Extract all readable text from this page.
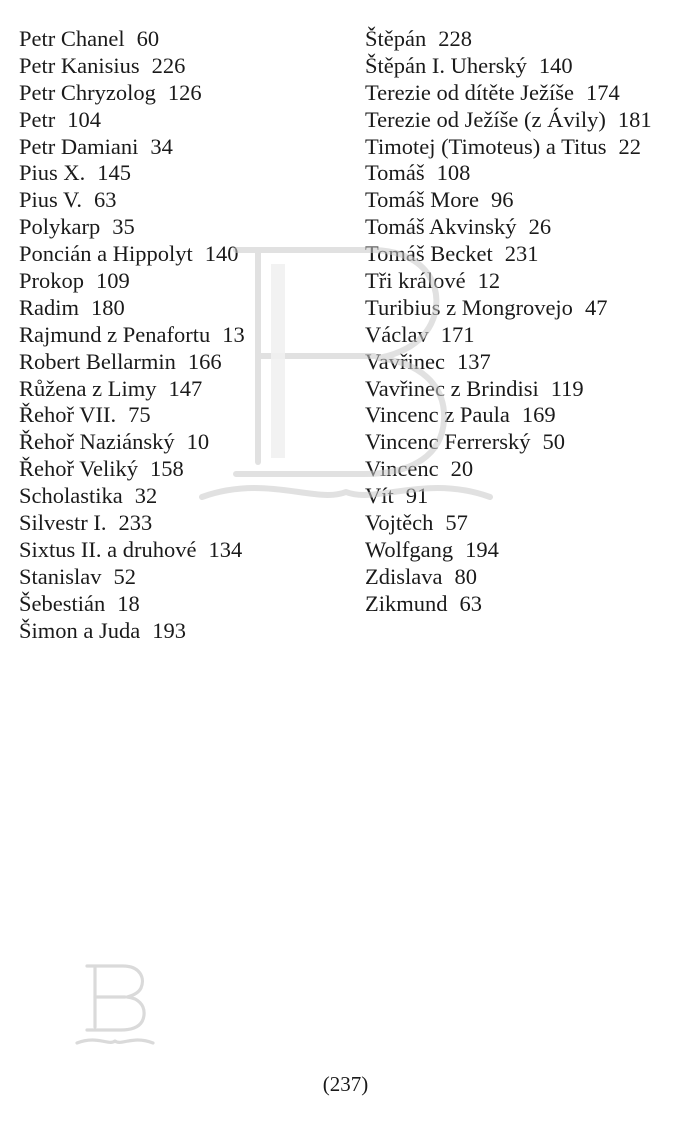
Petr Chanel 60
Petr Kanisius 226
Petr Chryzolog 126
Petr 104
Petr Damiani 34
Pius X. 145
Pius V. 63
Polykarp 35
Poncián a Hippolyt 140
Prokop 109
Radim 180
Rajmund z Penafortu 13
Robert Bellarmin 166
Růžena z Limy 147
Řehoř VII. 75
Řehoř Naziánský 10
Řehoř Veliký 158
Scholastika 32
Silvestr I. 233
Sixtus II. a druhové 134
Stanislav 52
Šebestián 18
Šimon a Juda 193
Štěpán 228
Štěpán I. Uherský 140
Terezie od dítěte Ježíše 174
Terezie od Ježíše (z Ávily) 181
Timotej (Timoteus) a Titus 22
Tomáš 108
Tomáš More 96
Tomáš Akvinský 26
Tomáš Becket 231
Tři králové 12
Turibius z Mongrovejo 47
Václav 171
Vavřinec 137
Vavřinec z Brindisi 119
Vincenc z Paula 169
Vincenc Ferrerský 50
Vincenc 20
Vít 91
Vojtěch 57
Wolfgang 194
Zdislava 80
Zikmund 63
(237)
